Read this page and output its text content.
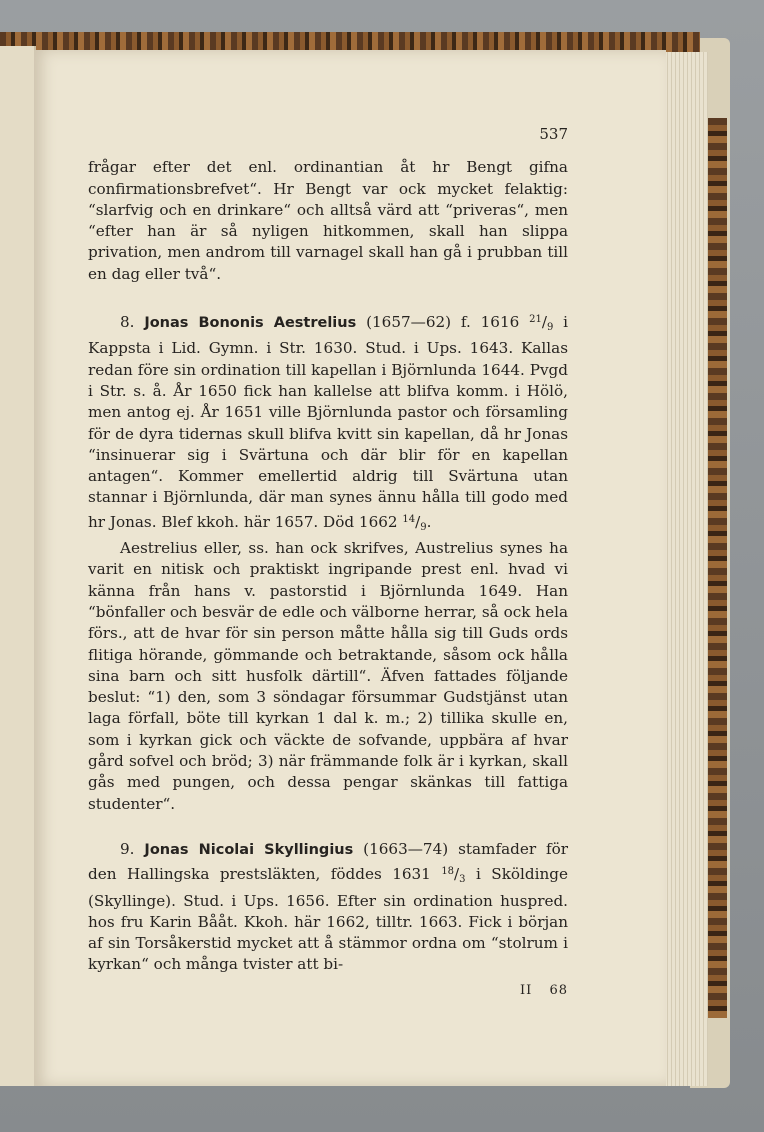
537

frågar efter det enl. ordinantian åt hr Bengt gifna confirmationsbrefvet“. Hr Bengt var ock mycket felaktig: “slarfvig och en drinkare“ och alltså värd att “priveras“, men “efter han är så nyligen hitkommen, skall han slippa privation, men androm till varnagel skall han gå i prubban till en dag eller två“.

8. Jonas Bononis Aestrelius (1657—62) f. 1616 $^{21}/_9$ i Kappsta i Lid. Gymn. i Str. 1630. Stud. i Ups. 1643. Kallas redan före sin ordination till kapellan i Björnlunda 1644. Pvgd i Str. s. å. År 1650 fick han kallelse att blifva komm. i Hölö, men antog ej. År 1651 ville Björnlunda pastor och församling för de dyra tidernas skull blifva kvitt sin kapellan, då hr Jonas “insinuerar sig i Svärtuna och där blir för en kapellan antagen“. Kommer emellertid aldrig till Svärtuna utan stannar i Björnlunda, där man synes ännu hålla till godo med hr Jonas. Blef kkoh. här 1657. Död 1662 $^{14}/_9$.

Aestrelius eller, ss. han ock skrifves, Austrelius synes ha varit en nitisk och praktiskt ingripande prest enl. hvad vi känna från hans v. pastorstid i Björnlunda 1649. Han “bönfaller och besvär de edle och välborne herrar, så ock hela förs., att de hvar för sin person måtte hålla sig till Guds ords flitiga hörande, gömmande och betraktande, såsom ock hålla sina barn och sitt husfolk därtill“. Äfven fattades följande beslut: “1) den, som 3 söndagar försummar Gudstjänst utan laga förfall, böte till kyrkan 1 dal k. m.; 2) tillika skulle en, som i kyrkan gick och väckte de sofvande, uppbära af hvar gård sofvel och bröd; 3) när främmande folk är i kyrkan, skall gås med pungen, och dessa pengar skänkas till fattiga studenter“.

9. Jonas Nicolai Skyllingius (1663—74) stamfader för den Hallingska prestsläkten, föddes 1631 $^{18}/_3$ i Sköldinge (Skyllinge). Stud. i Ups. 1656. Efter sin ordination huspred. hos fru Karin Bååt. Kkoh. här 1662, tilltr. 1663. Fick i början af sin Torsåkerstid mycket att å stämmor ordna om “stolrum i kyrkan“ och många tvister att bi-

II 68
